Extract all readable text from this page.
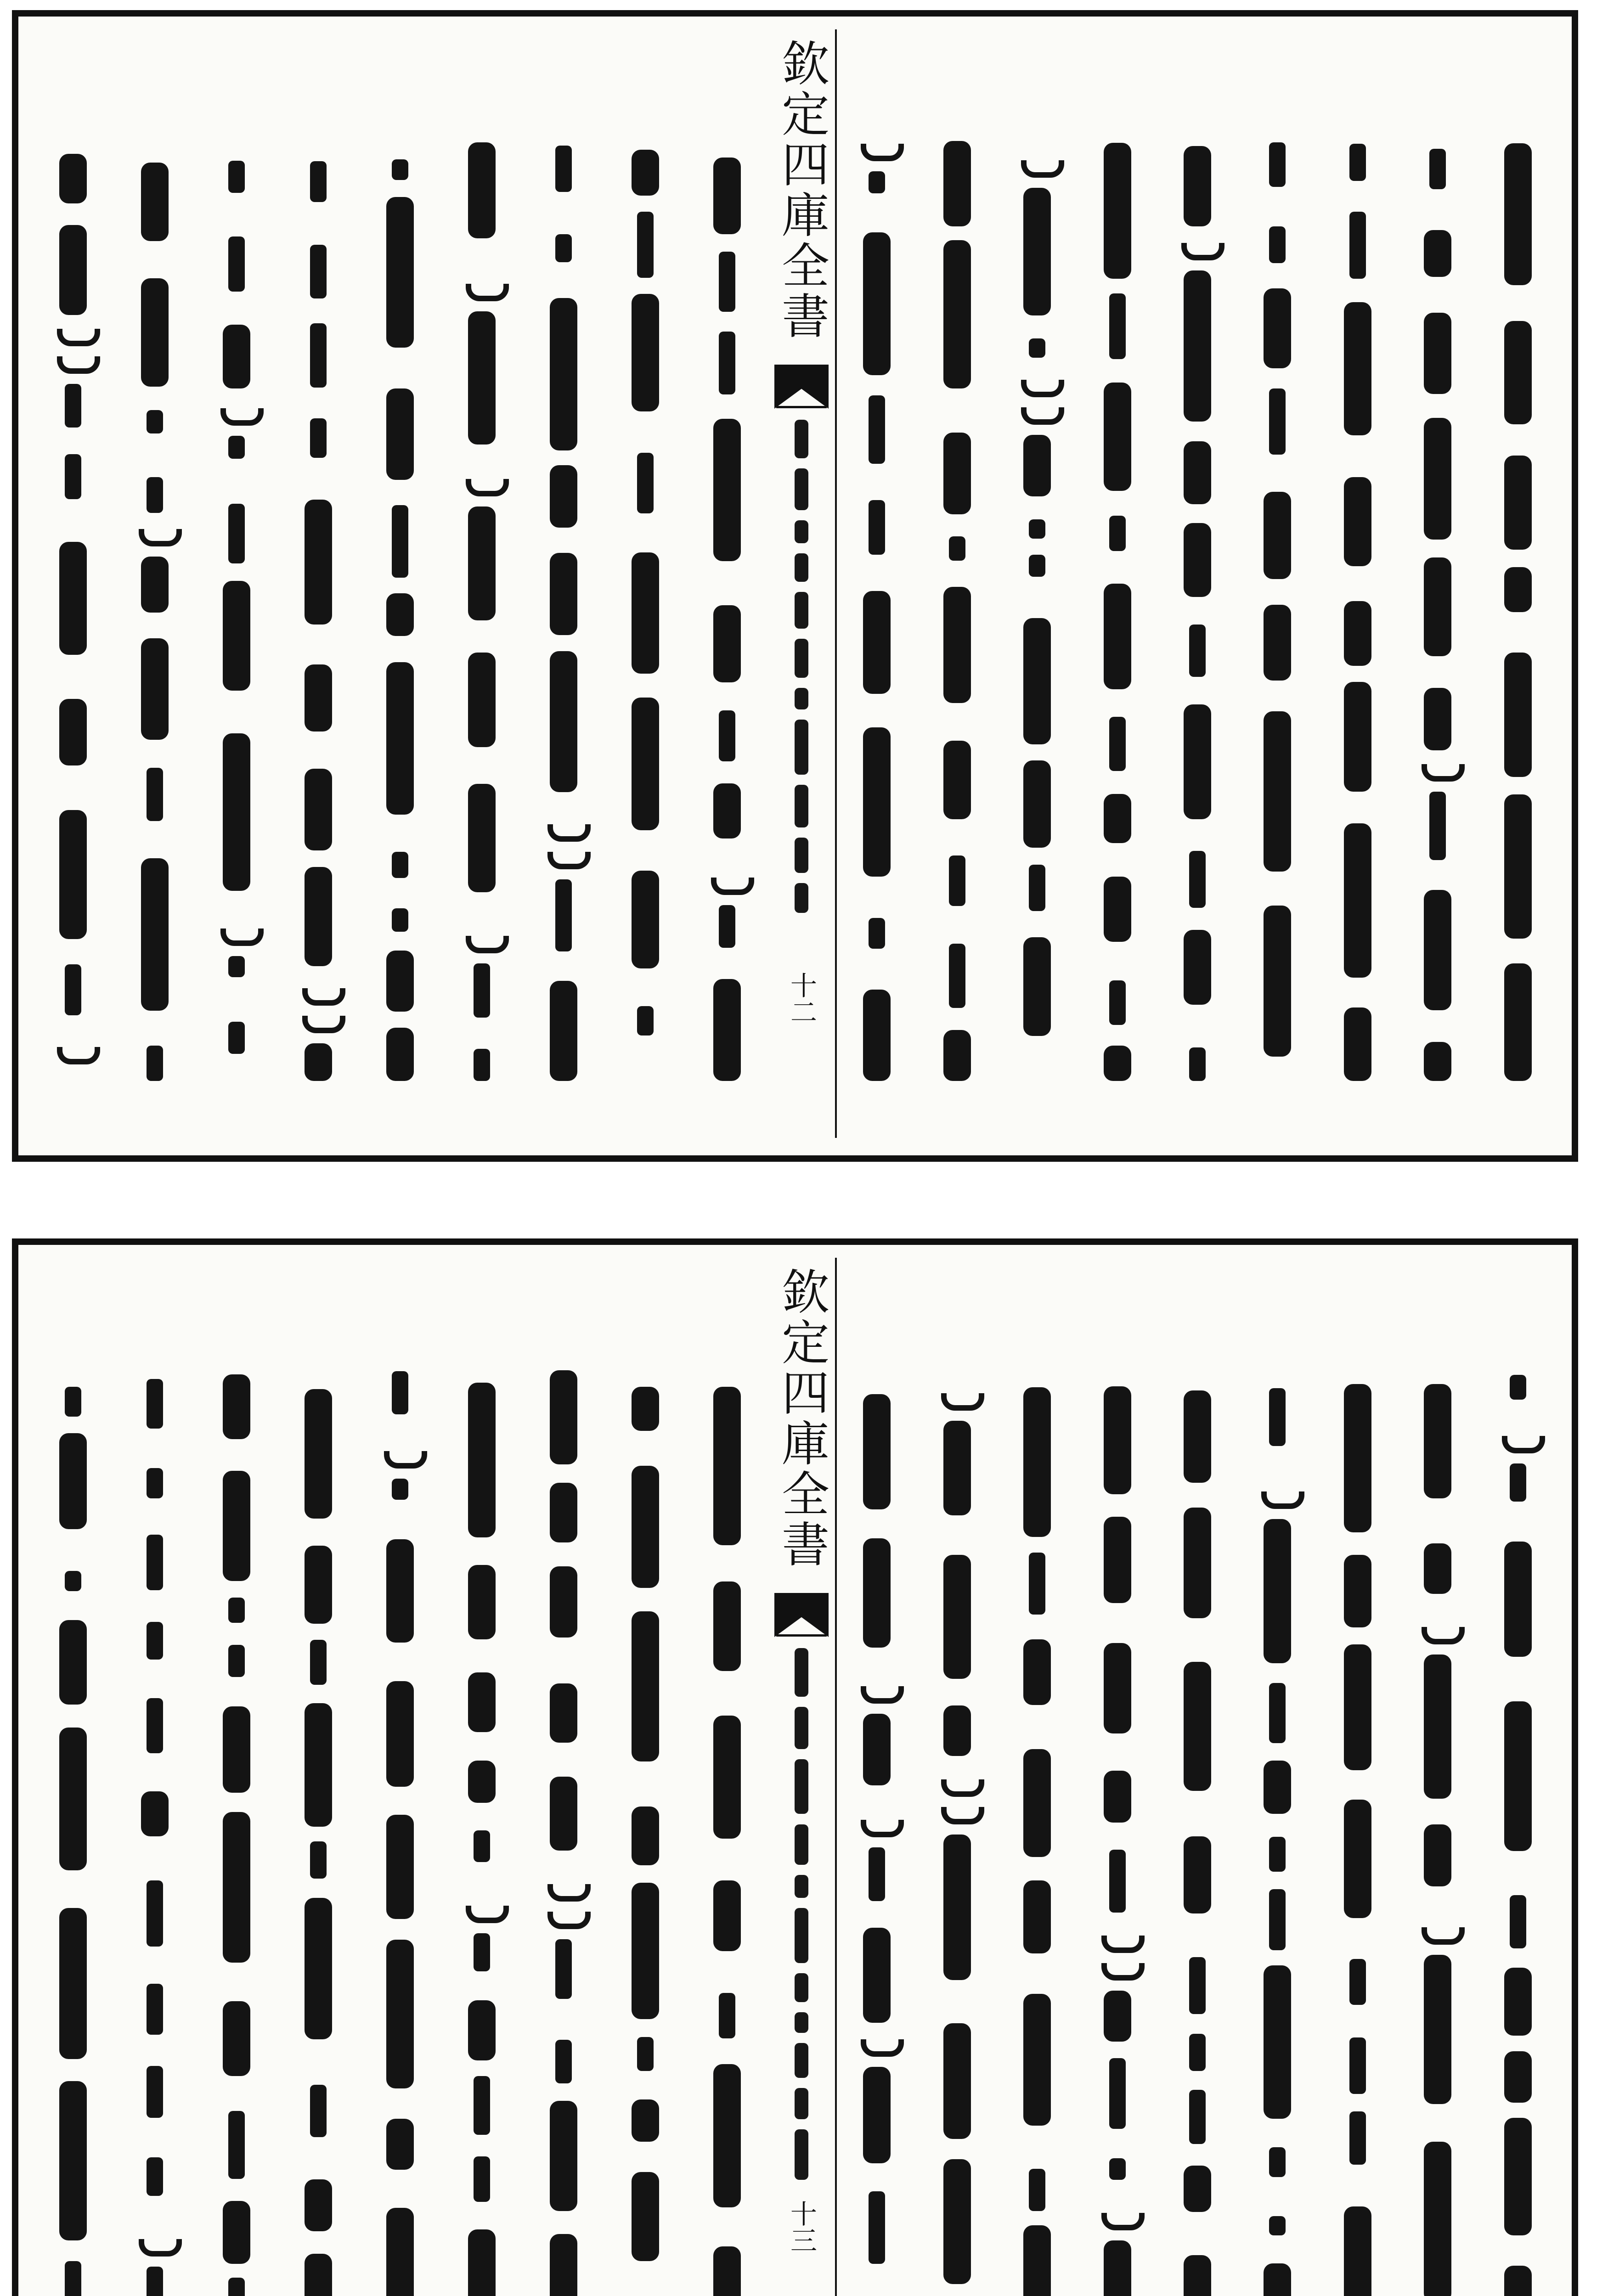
欽定四庫全書
十二
欽定四庫全書
十三
